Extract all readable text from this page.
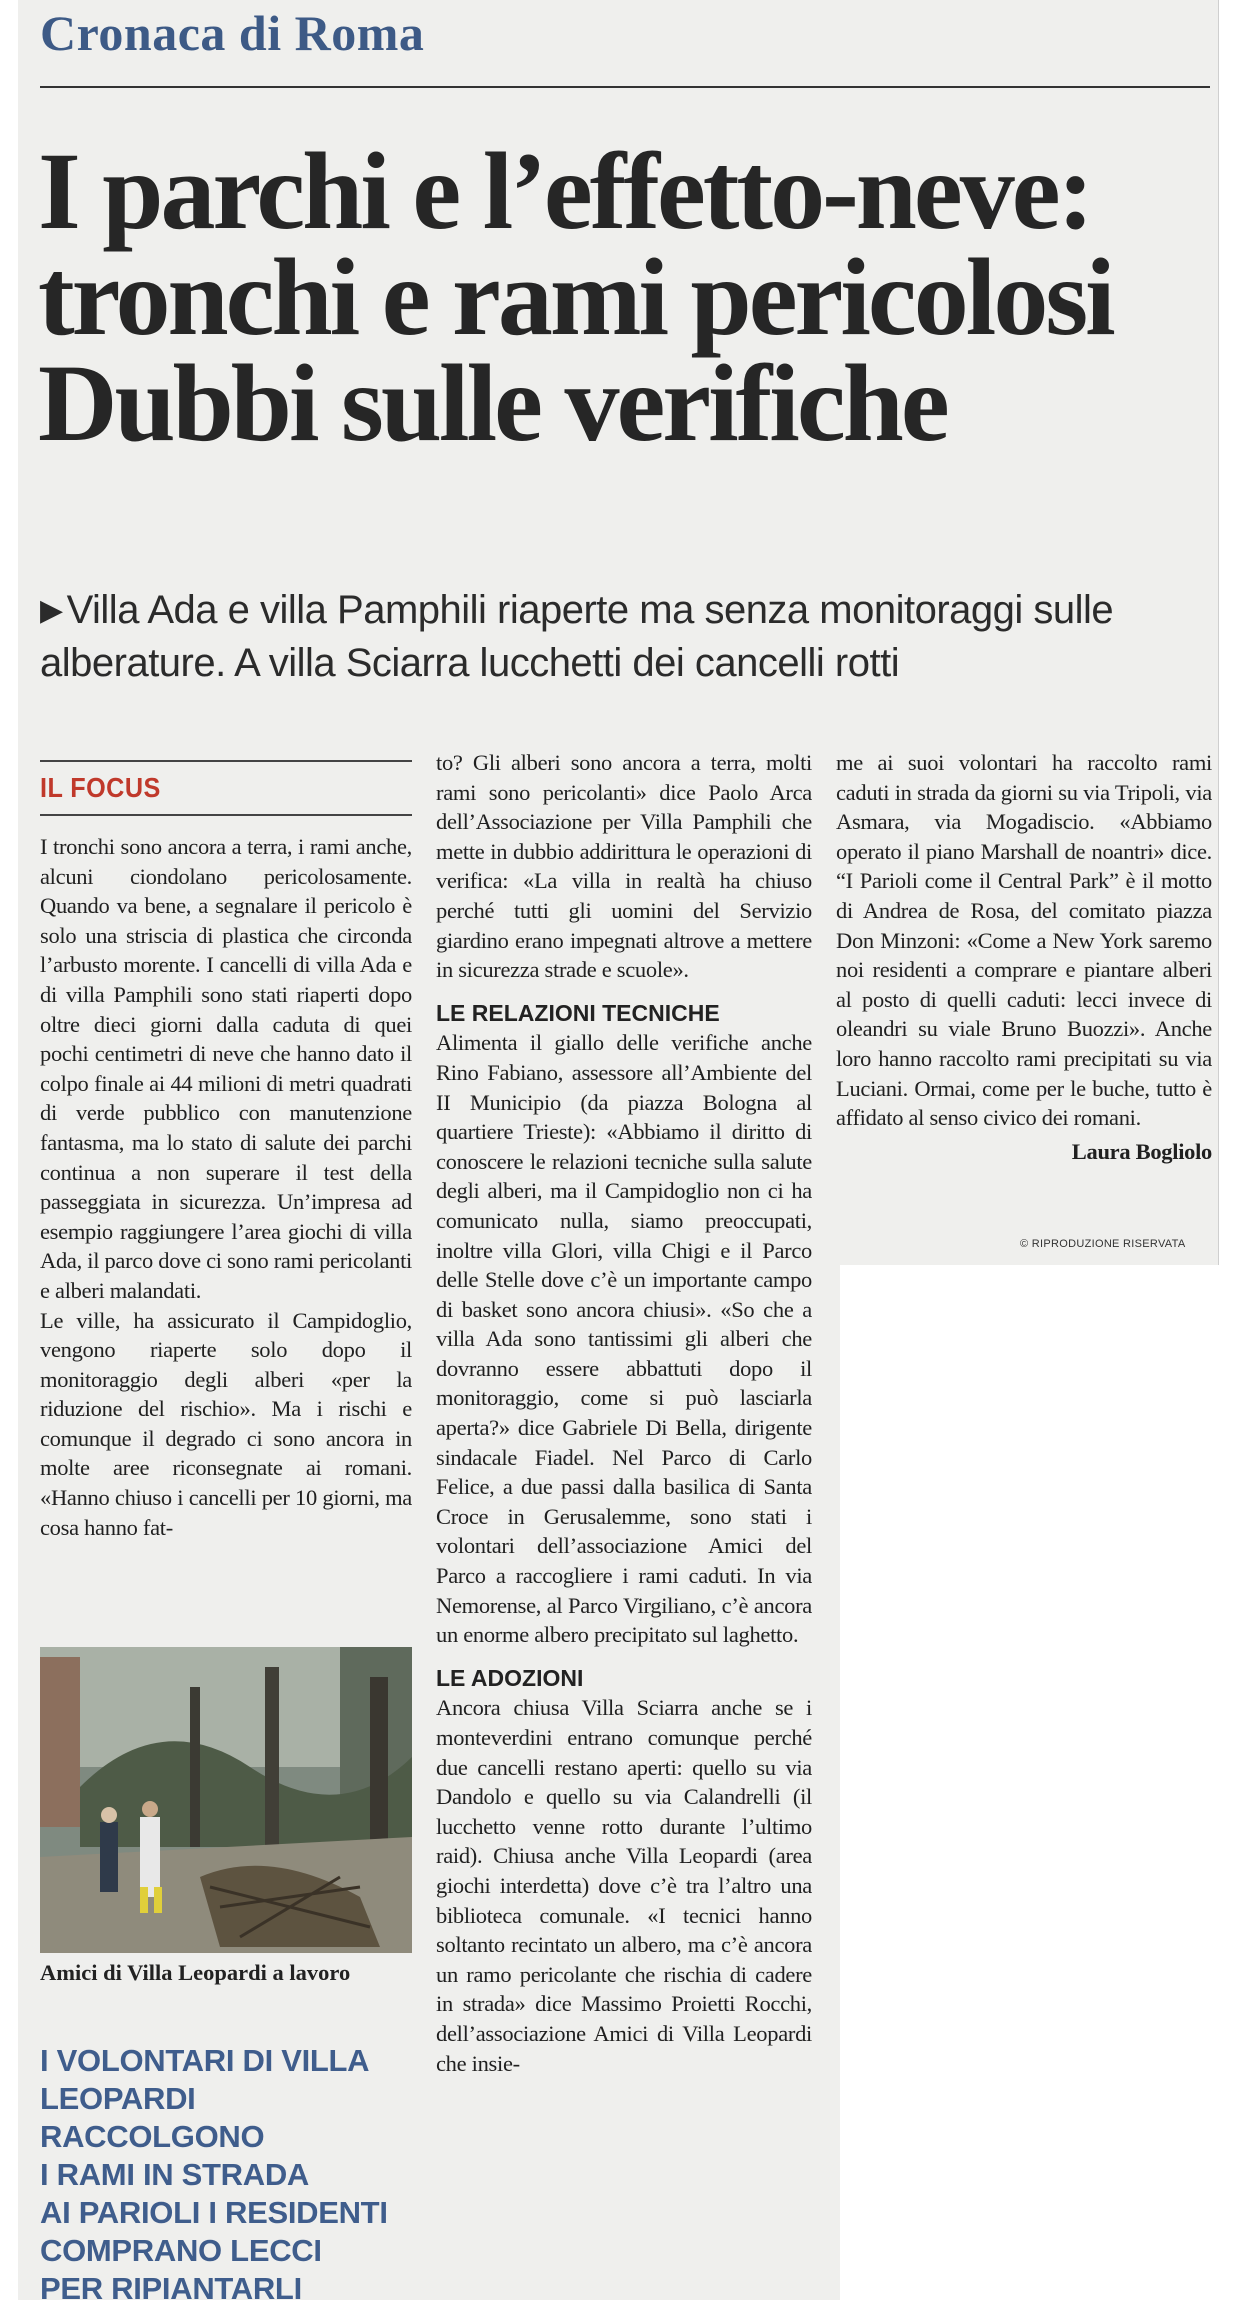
Cronaca di Roma
I parchi e l’effetto-neve:
tronchi e rami pericolosi
Dubbi sulle verifiche
▶ Villa Ada e villa Pamphili riaperte ma senza monitoraggi sulle alberature. A villa Sciarra lucchetti dei cancelli rotti
IL FOCUS

I tronchi sono ancora a terra, i rami anche, alcuni ciondolano pericolosamente. Quando va bene, a segnalare il pericolo è solo una striscia di plastica che circonda l’arbusto morente. I cancelli di villa Ada e di villa Pamphili sono stati riaperti dopo oltre dieci giorni dalla caduta di quei pochi centimetri di neve che hanno dato il colpo finale ai 44 milioni di metri quadrati di verde pubblico con manutenzione fantasma, ma lo stato di salute dei parchi continua a non superare il test della passeggiata in sicurezza. Un’impresa ad esempio raggiungere l’area giochi di villa Ada, il parco dove ci sono rami pericolanti e alberi malandati.

Le ville, ha assicurato il Campidoglio, vengono riaperte solo dopo il monitoraggio degli alberi «per la riduzione del rischio». Ma i rischi e comunque il degrado ci sono ancora in molte aree riconsegnate ai romani. «Hanno chiuso i cancelli per 10 giorni, ma cosa hanno fat-

Amici di Villa Leopardi a lavoro
I VOLONTARI DI VILLA
LEOPARDI RACCOLGONO
I RAMI IN STRADA
AI PARIOLI I RESIDENTI
COMPRANO LECCI
PER RIPIANTARLI

to? Gli alberi sono ancora a terra, molti rami sono pericolanti» dice Paolo Arca dell’Associazione per Villa Pamphili che mette in dubbio addirittura le operazioni di verifica: «La villa in realtà ha chiuso perché tutti gli uomini del Servizio giardino erano impegnati altrove a mettere in sicurezza strade e scuole».

LE RELAZIONI TECNICHE

Alimenta il giallo delle verifiche anche Rino Fabiano, assessore all’Ambiente del II Municipio (da piazza Bologna al quartiere Trieste): «Abbiamo il diritto di conoscere le relazioni tecniche sulla salute degli alberi, ma il Campidoglio non ci ha comunicato nulla, siamo preoccupati, inoltre villa Glori, villa Chigi e il Parco delle Stelle dove c’è un importante campo di basket sono ancora chiusi». «So che a villa Ada sono tantissimi gli alberi che dovranno essere abbattuti dopo il monitoraggio, come si può lasciarla aperta?» dice Gabriele Di Bella, dirigente sindacale Fiadel. Nel Parco di Carlo Felice, a due passi dalla basilica di Santa Croce in Gerusalemme, sono stati i volontari dell’associazione Amici del Parco a raccogliere i rami caduti. In via Nemorense, al Parco Virgiliano, c’è ancora un enorme albero precipitato sul laghetto.

LE ADOZIONI

Ancora chiusa Villa Sciarra anche se i monteverdini entrano comunque perché due cancelli restano aperti: quello su via Dandolo e quello su via Calandrelli (il lucchetto venne rotto durante l’ultimo raid). Chiusa anche Villa Leopardi (area giochi interdetta) dove c’è tra l’altro una biblioteca comunale. «I tecnici hanno soltanto recintato un albero, ma c’è ancora un ramo pericolante che rischia di cadere in strada» dice Massimo Proietti Rocchi, dell’associazione Amici di Villa Leopardi che insie-

me ai suoi volontari ha raccolto rami caduti in strada da giorni su via Tripoli, via Asmara, via Mogadiscio. «Abbiamo operato il piano Marshall de noantri» dice. “I Parioli come il Central Park” è il motto di Andrea de Rosa, del comitato piazza Don Minzoni: «Come a New York saremo noi residenti a comprare e piantare alberi al posto di quelli caduti: lecci invece di oleandri su viale Bruno Buozzi». Anche loro hanno raccolto rami precipitati su via Luciani. Ormai, come per le buche, tutto è affidato al senso civico dei romani.

Laura Bogliolo
© RIPRODUZIONE RISERVATA
